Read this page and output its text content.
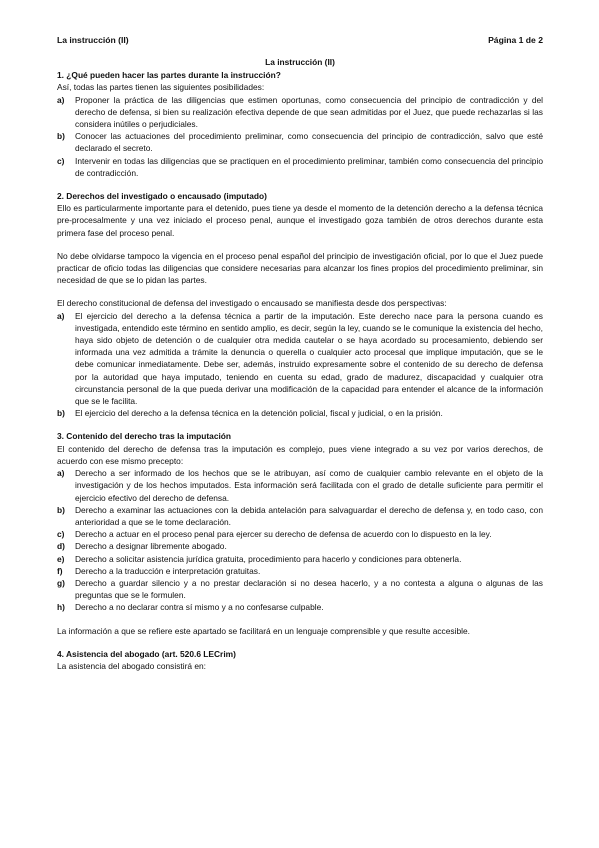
La instrucción (II)	Página 1 de 2
La instrucción (II)
1. ¿Qué pueden hacer las partes durante la instrucción?

Así, todas las partes tienen las siguientes posibilidades:

a) Proponer la práctica de las diligencias que estimen oportunas, como consecuencia del principio de contradicción y del derecho de defensa, si bien su realización efectiva depende de que sean admitidas por el Juez, que puede rechazarlas si las considera inútiles o perjudiciales.
b) Conocer las actuaciones del procedimiento preliminar, como consecuencia del principio de contradicción, salvo que esté declarado el secreto.
c) Intervenir en todas las diligencias que se practiquen en el procedimiento preliminar, también como consecuencia del principio de contradicción.
2. Derechos del investigado o encausado (imputado)

Ello es particularmente importante para el detenido, pues tiene ya desde el momento de la detención derecho a la defensa técnica pre-procesalmente y una vez iniciado el proceso penal, aunque el investigado goza también de otros derechos durante esta primera fase del proceso penal.

No debe olvidarse tampoco la vigencia en el proceso penal español del principio de investigación oficial, por lo que el Juez puede practicar de oficio todas las diligencias que considere necesarias para alcanzar los fines propios del procedimiento preliminar, sin necesidad de que se lo pidan las partes.

El derecho constitucional de defensa del investigado o encausado se manifiesta desde dos perspectivas:

a) El ejercicio del derecho a la defensa técnica a partir de la imputación. Este derecho nace para la persona cuando es investigada, entendido este término en sentido amplio, es decir, según la ley, cuando se le comunique la existencia del hecho, haya sido objeto de detención o de cualquier otra medida cautelar o se haya acordado su procesamiento, debiendo ser informada una vez admitida a trámite la denuncia o querella o cualquier acto procesal que implique imputación, que se le debe comunicar inmediatamente. Debe ser, además, instruido expresamente sobre el contenido de su derecho de defensa por la autoridad que haya imputado, teniendo en cuenta su edad, grado de madurez, discapacidad y cualquier otra circunstancia personal de la que pueda derivar una modificación de la capacidad para entender el alcance de la información que se le facilita.
b) El ejercicio del derecho a la defensa técnica en la detención policial, fiscal y judicial, o en la prisión.
3. Contenido del derecho tras la imputación

El contenido del derecho de defensa tras la imputación es complejo, pues viene integrado a su vez por varios derechos, de acuerdo con ese mismo precepto:

a) Derecho a ser informado de los hechos que se le atribuyan, así como de cualquier cambio relevante en el objeto de la investigación y de los hechos imputados. Esta información será facilitada con el grado de detalle suficiente para permitir el ejercicio efectivo del derecho de defensa.
b) Derecho a examinar las actuaciones con la debida antelación para salvaguardar el derecho de defensa y, en todo caso, con anterioridad a que se le tome declaración.
c) Derecho a actuar en el proceso penal para ejercer su derecho de defensa de acuerdo con lo dispuesto en la ley.
d) Derecho a designar libremente abogado.
e) Derecho a solicitar asistencia jurídica gratuita, procedimiento para hacerlo y condiciones para obtenerla.
f) Derecho a la traducción e interpretación gratuitas.
g) Derecho a guardar silencio y a no prestar declaración si no desea hacerlo, y a no contesta a alguna o algunas de las preguntas que se le formulen.
h) Derecho a no declarar contra sí mismo y a no confesarse culpable.

La información a que se refiere este apartado se facilitará en un lenguaje comprensible y que resulte accesible.

4. Asistencia del abogado (art. 520.6 LECrim)

La asistencia del abogado consistirá en:
